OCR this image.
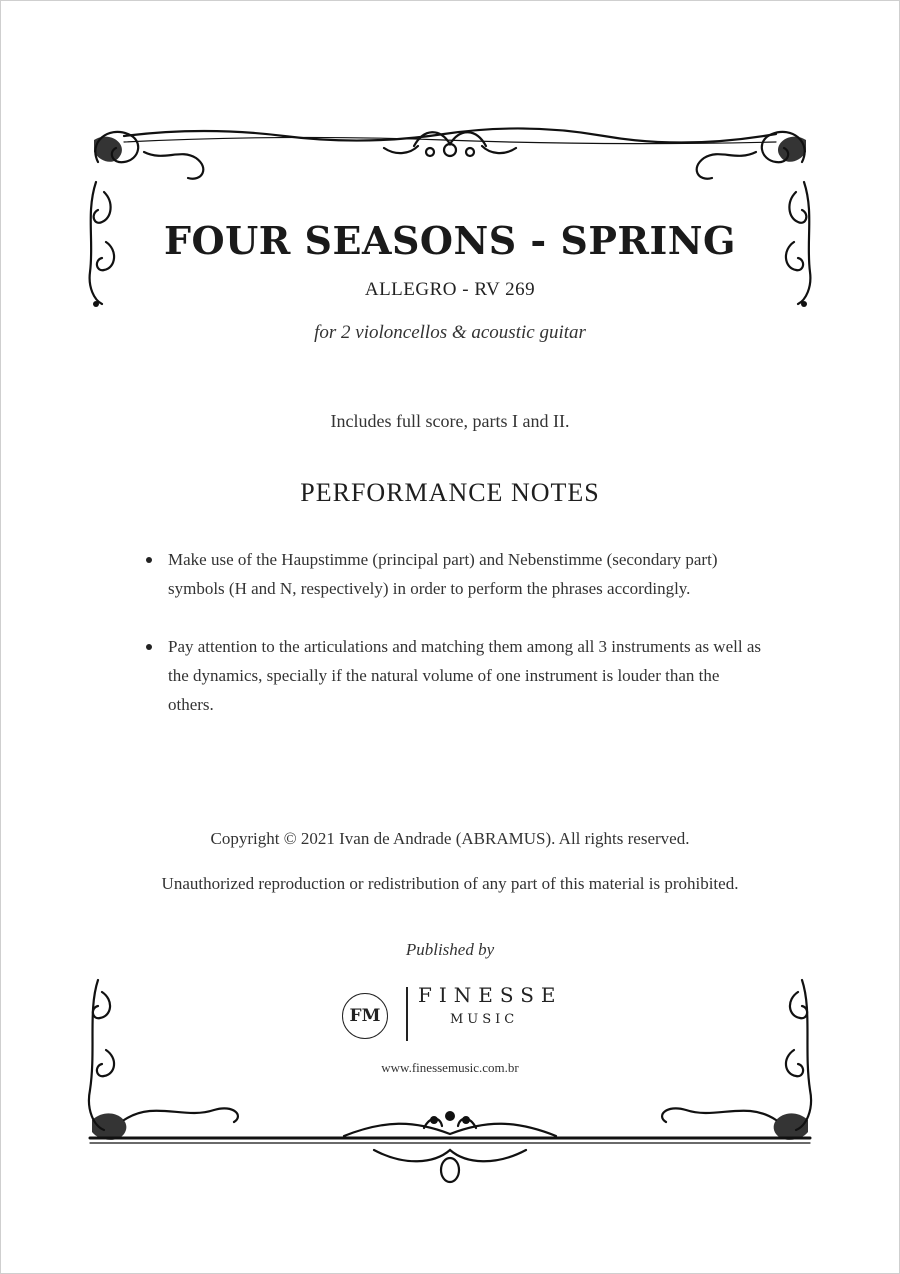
FOUR SEASONS - SPRING
ALLEGRO - RV 269
for 2 violoncellos & acoustic guitar
Includes full score, parts I and II.
PERFORMANCE NOTES
Make use of the Haupstimme (principal part) and Nebenstimme (secondary part) symbols (H and N, respectively) in order to perform the phrases accordingly.
Pay attention to the articulations and matching them among all 3 instruments as well as the dynamics, specially if the natural volume of one instrument is louder than the others.
Copyright © 2021 Ivan de Andrade (ABRAMUS). All rights reserved.
Unauthorized reproduction or redistribution of any part of this material is prohibited.
Published by
FM
FINESSE
MUSIC
www.finessemusic.com.br
